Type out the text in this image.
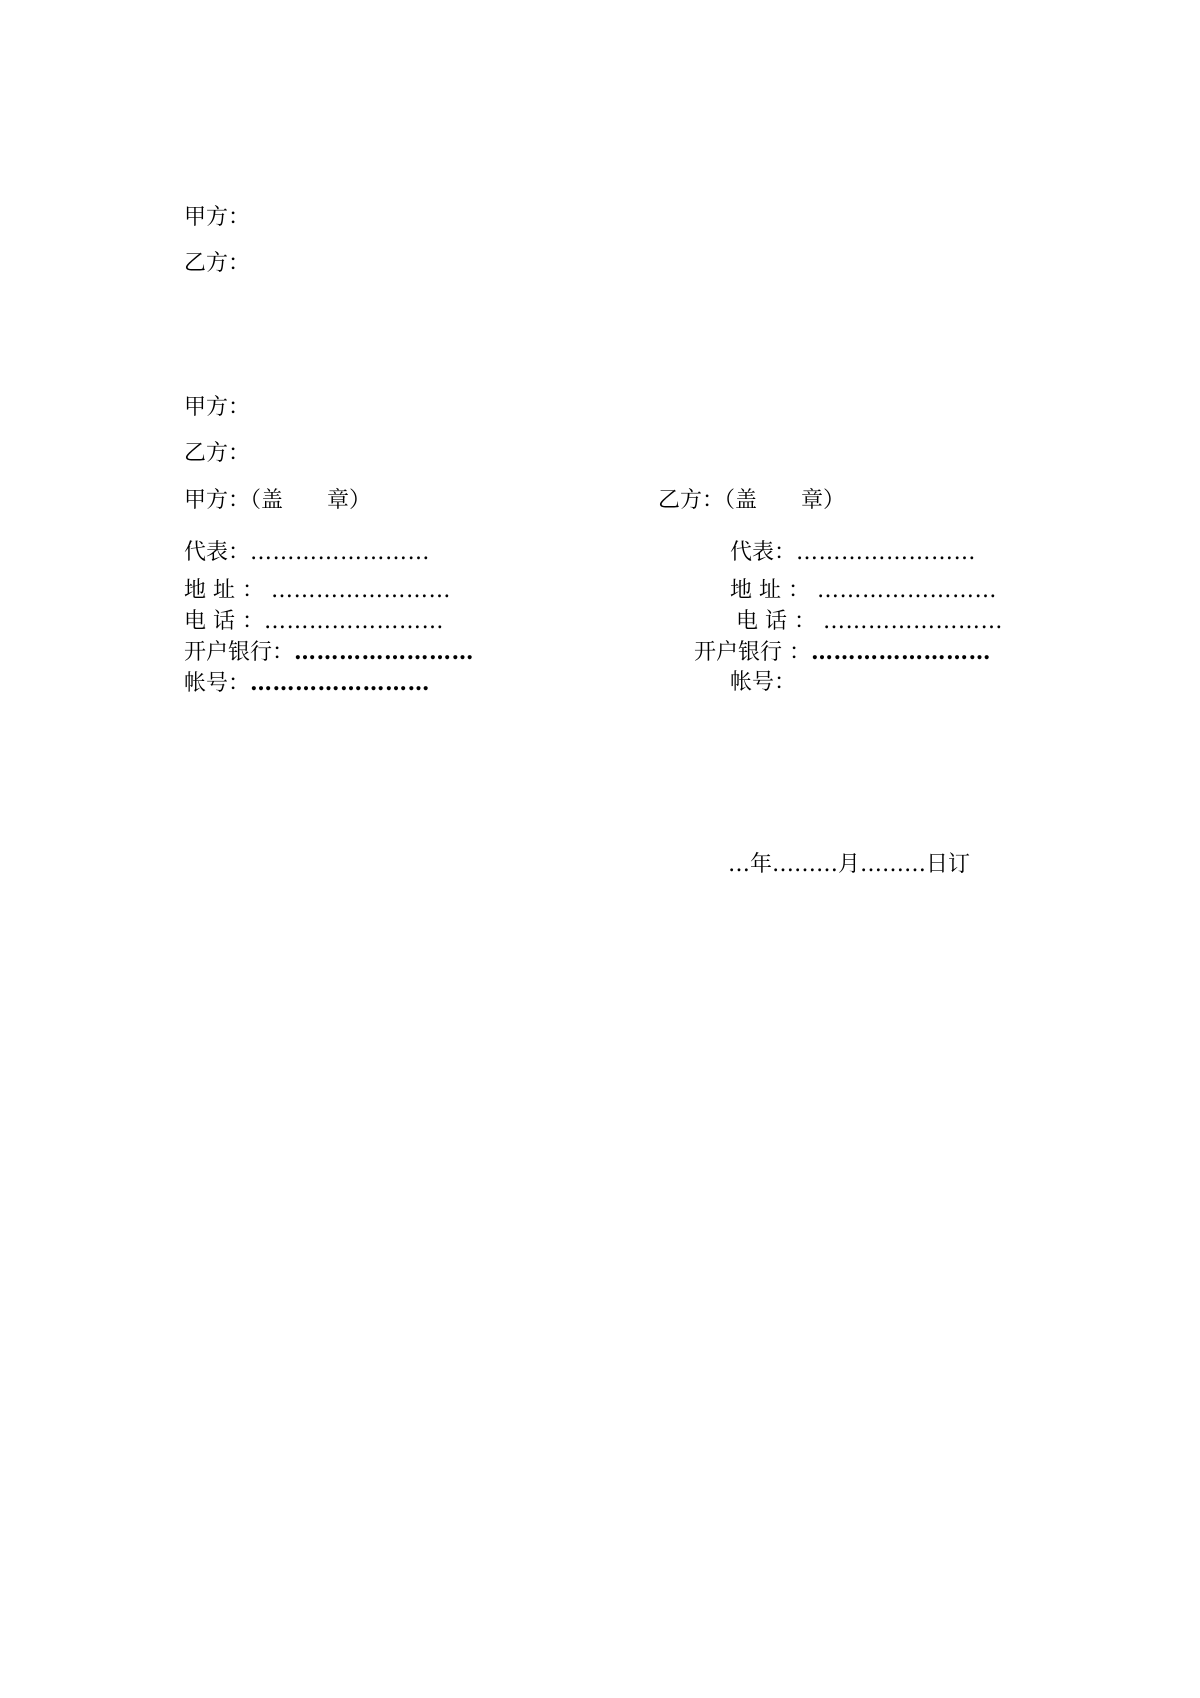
甲方：
乙方：
甲方：
乙方：
甲方：（盖　　章）	乙方：（盖　　章）
代表：……………………
地 址 ： ……………………
电 话 ：……………………
开户银行：……………………
帐号：……………………
代表：……………………
地 址 ： ……………………
电 话 ： ……………………
开户银行 ：……………………
帐号：
…年………月………日订
